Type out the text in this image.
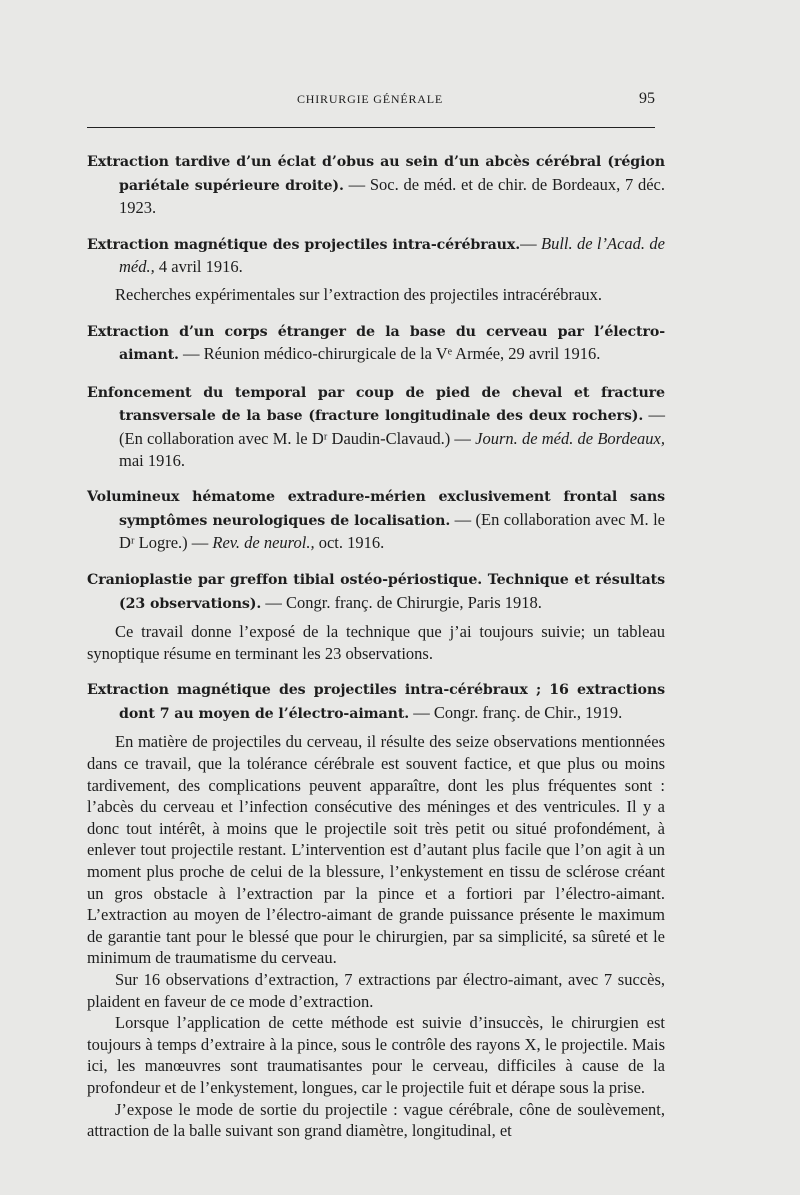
CHIRURGIE GÉNÉRALE	95

Extraction tardive d’un éclat d’obus au sein d’un abcès cérébral (région pariétale supérieure droite). — Soc. de méd. et de chir. de Bordeaux, 7 déc. 1923.

Extraction magnétique des projectiles intra-cérébraux.— Bull. de l’Acad. de méd., 4 avril 1916.

Recherches expérimentales sur l’extraction des projectiles intracérébraux.

Extraction d’un corps étranger de la base du cerveau par l’électro-aimant. — Réunion médico-chirurgicale de la Vᵉ Armée, 29 avril 1916.

Enfoncement du temporal par coup de pied de cheval et fracture transversale de la base (fracture longitudinale des deux rochers). — (En collaboration avec M. le Dʳ Daudin-Clavaud.) — Journ. de méd. de Bordeaux, mai 1916.

Volumineux hématome extradure-mérien exclusivement frontal sans symptômes neurologiques de localisation. — (En collaboration avec M. le Dʳ Logre.) — Rev. de neurol., oct. 1916.

Cranioplastie par greffon tibial ostéo-périostique. Technique et résultats (23 observations). — Congr. franç. de Chirurgie, Paris 1918.

Ce travail donne l’exposé de la technique que j’ai toujours suivie; un tableau synoptique résume en terminant les 23 observations.

Extraction magnétique des projectiles intra-cérébraux ; 16 extractions dont 7 au moyen de l’électro-aimant. — Congr. franç. de Chir., 1919.

En matière de projectiles du cerveau, il résulte des seize observations mentionnées dans ce travail, que la tolérance cérébrale est souvent factice, et que plus ou moins tardivement, des complications peuvent apparaître, dont les plus fréquentes sont : l’abcès du cerveau et l’infection consécutive des méninges et des ventricules. Il y a donc tout intérêt, à moins que le projectile soit très petit ou situé profondément, à enlever tout projectile restant. L’intervention est d’autant plus facile que l’on agit à un moment plus proche de celui de la blessure, l’enkystement en tissu de sclérose créant un gros obstacle à l’extraction par la pince et a fortiori par l’électro-aimant. L’extraction au moyen de l’électro-aimant de grande puissance présente le maximum de garantie tant pour le blessé que pour le chirurgien, par sa simplicité, sa sûreté et le minimum de traumatisme du cerveau.

Sur 16 observations d’extraction, 7 extractions par électro-aimant, avec 7 succès, plaident en faveur de ce mode d’extraction.

Lorsque l’application de cette méthode est suivie d’insuccès, le chirurgien est toujours à temps d’extraire à la pince, sous le contrôle des rayons X, le projectile. Mais ici, les manœuvres sont traumatisantes pour le cerveau, difficiles à cause de la profondeur et de l’enkystement, longues, car le projectile fuit et dérape sous la prise.

J’expose le mode de sortie du projectile : vague cérébrale, cône de soulèvement, attraction de la balle suivant son grand diamètre, longitudinal, et
